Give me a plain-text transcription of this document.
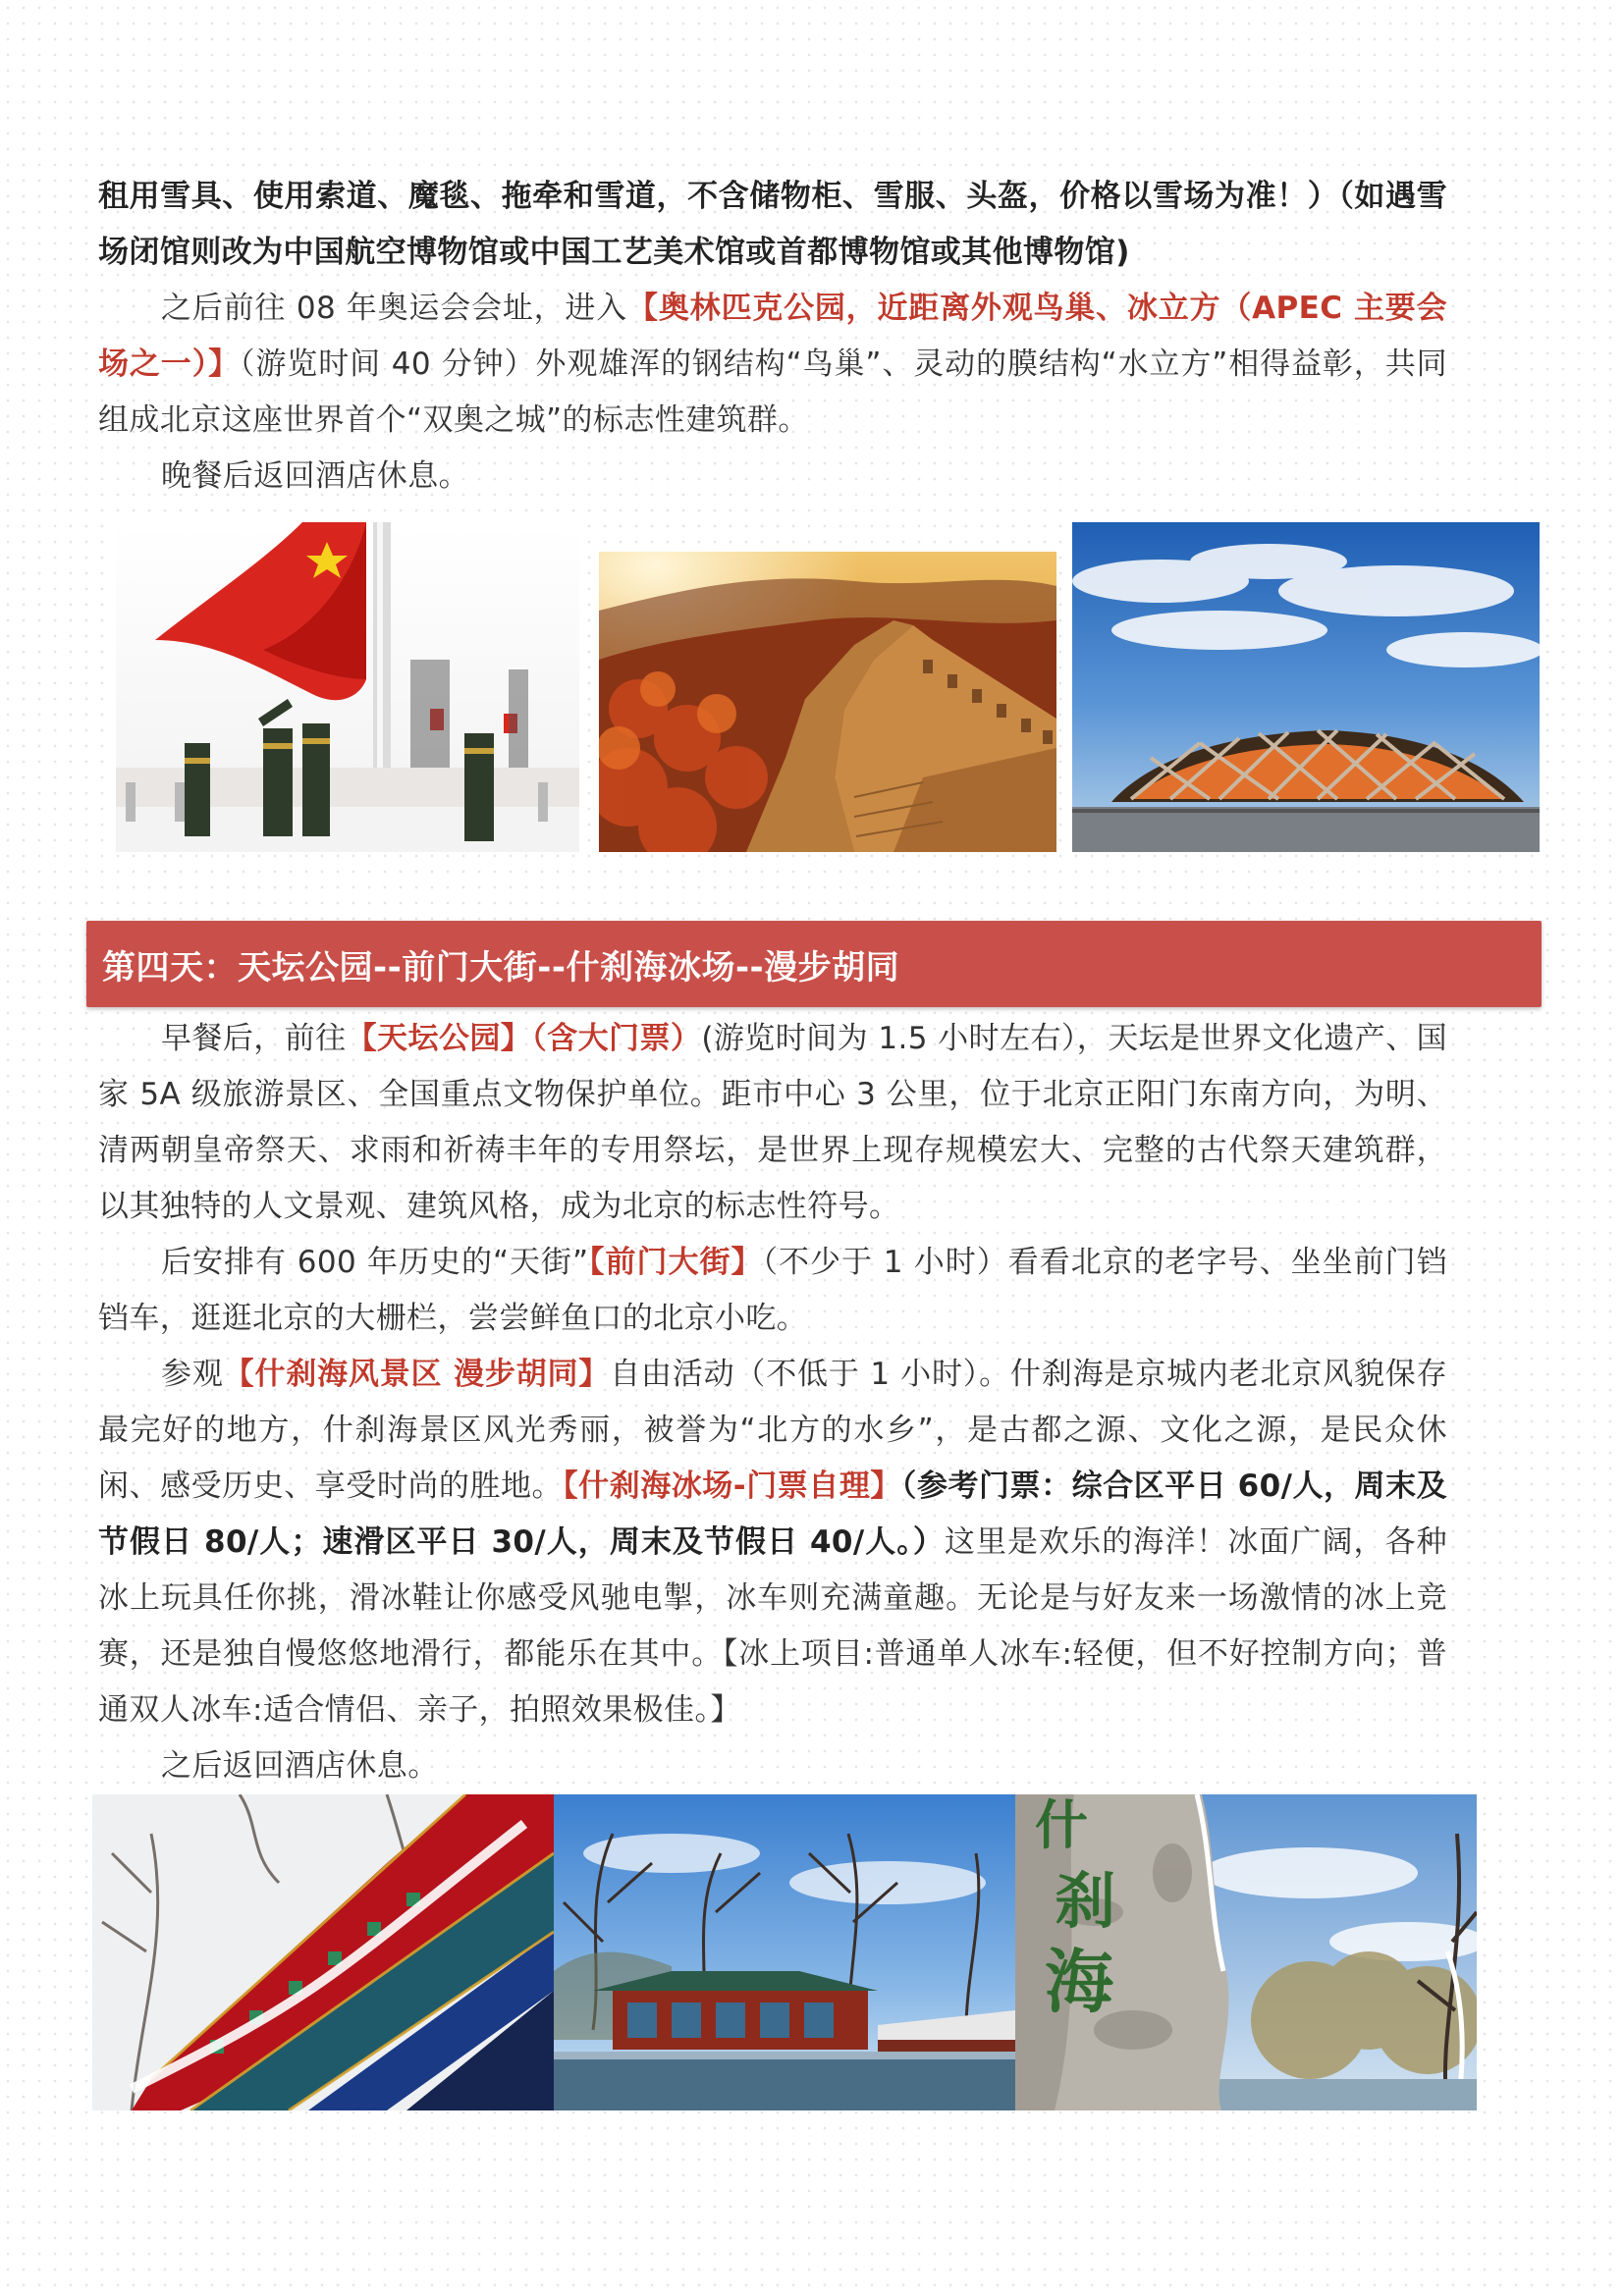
租用雪具、使用索道、魔毯、拖牵和雪道，不含储物柜、雪服、头盔，价格以雪场为准！）（如遇雪场闭馆则改为中国航空博物馆或中国工艺美术馆或首都博物馆或其他博物馆)

之后前往 08 年奥运会会址，进入【奥林匹克公园，近距离外观鸟巢、冰立方（APEC 主要会场之一）】（游览时间 40 分钟）外观雄浑的钢结构“鸟巢”、灵动的膜结构“水立方”相得益彰，共同组成北京这座世界首个“双奥之城”的标志性建筑群。

晚餐后返回酒店休息。

第四天：天坛公园--前门大街--什刹海冰场--漫步胡同

早餐后，前往【天坛公园】（含大门票）(游览时间为 1.5 小时左右），天坛是世界文化遗产、国家 5A 级旅游景区、全国重点文物保护单位。距市中心 3 公里，位于北京正阳门东南方向，为明、清两朝皇帝祭天、求雨和祈祷丰年的专用祭坛，是世界上现存规模宏大、完整的古代祭天建筑群，以其独特的人文景观、建筑风格，成为北京的标志性符号。

后安排有 600 年历史的“天街”【前门大街】（不少于 1 小时）看看北京的老字号、坐坐前门铛铛车，逛逛北京的大栅栏，尝尝鲜鱼口的北京小吃。

参观【什刹海风景区 漫步胡同】自由活动（不低于 1 小时）。什刹海是京城内老北京风貌保存最完好的地方，什刹海景区风光秀丽，被誉为“北方的水乡”，是古都之源、文化之源，是民众休闲、感受历史、享受时尚的胜地。【什刹海冰场-门票自理】（参考门票：综合区平日 60/人，周末及节假日 80/人；速滑区平日 30/人，周末及节假日 40/人。）这里是欢乐的海洋！冰面广阔，各种冰上玩具任你挑，滑冰鞋让你感受风驰电掣，冰车则充满童趣。无论是与好友来一场激情的冰上竞赛，还是独自慢悠悠地滑行，都能乐在其中。【冰上项目:普通单人冰车:轻便，但不好控制方向；普通双人冰车:适合情侣、亲子，拍照效果极佳。】

之后返回酒店休息。

什
刹
海
